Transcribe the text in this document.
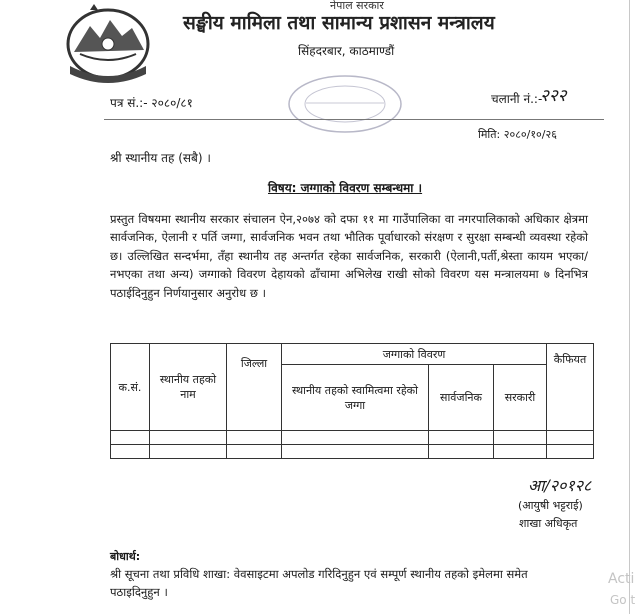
नेपाल सरकार
सङ्घीय मामिला तथा सामान्य प्रशासन मन्त्रालय
सिंहदरबार, काठमाण्डौं
पत्र सं.:- २०८०/८१	चलानी नं.:-
२२२
मिति: २०८०/१०/२६
श्री स्थानीय तह (सबै) ।
विषय: जग्गाको विवरण सम्बन्धमा ।
प्रस्तुत विषयमा स्थानीय सरकार संचालन ऐन,२०७४ को दफा ११ मा गाउँपालिका वा नगरपालिकाको अधिकार क्षेत्रमा सार्वजनिक, ऐलानी र पर्ति जग्गा, सार्वजनिक भवन तथा भौतिक पूर्वाधारको संरक्षण र सुरक्षा सम्बन्धी व्यवस्था रहेको छ। उल्लिखित सन्दर्भमा, तँहा स्थानीय तह अन्तर्गत रहेका सार्वजनिक, सरकारी (ऐलानी,पर्ती,श्रेस्ता कायम भएका/नभएका तथा अन्य) जग्गाको विवरण देहायको ढाँचामा अभिलेख राखी सोको विवरण यस मन्त्रालयमा ७ दिनभित्र पठाईदिनुहुन निर्णयानुसार अनुरोध छ ।
क.सं.	स्थानीय तहको नाम	जिल्ला	जग्गाको विवरण			कैफियत
			स्थानीय तहको स्वामित्वमा रहेको जग्गा	सार्वजनिक	सरकारी	

आ/२०१२८
(आयुषी भट्टराई)
शाखा अधिकृत
बोधार्थ:
श्री सूचना तथा प्रविधि शाखा: वेवसाइटमा अपलोड गरिदिनुहुन एवं सम्पूर्ण स्थानीय तहको इमेलमा समेत पठाइदिनुहुन ।
Acti
Go t
